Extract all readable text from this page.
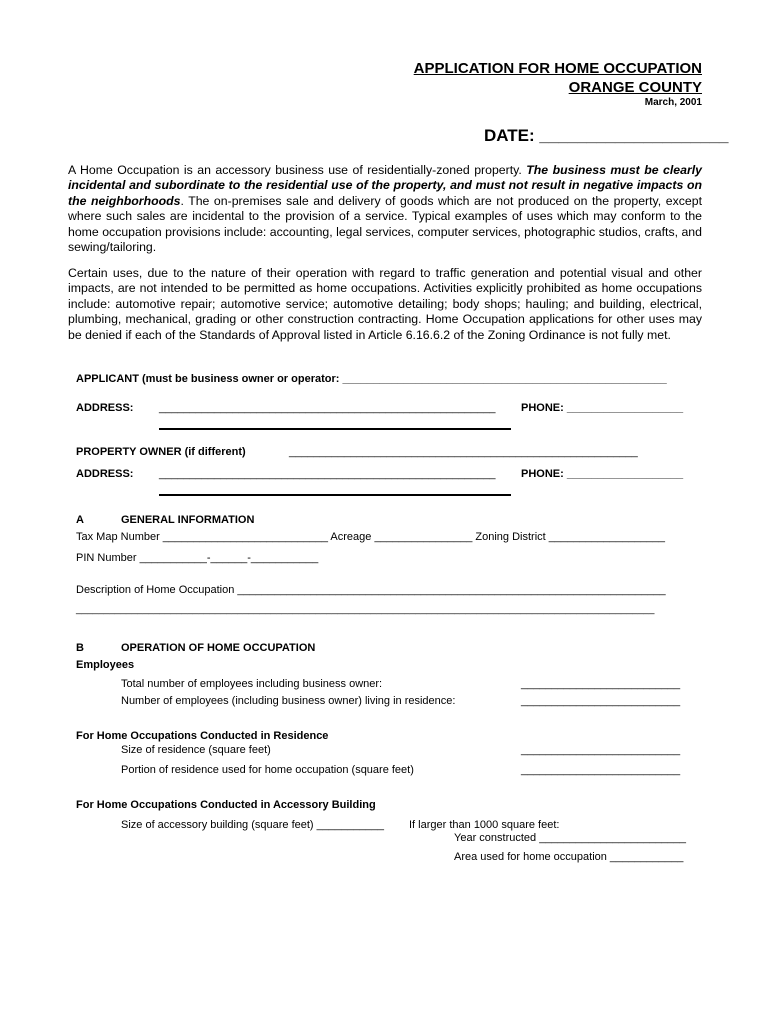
APPLICATION FOR HOME OCCUPATION
ORANGE COUNTY
March, 2001
DATE: ____________________
A Home Occupation is an accessory business use of residentially-zoned property. The business must be clearly incidental and subordinate to the residential use of the property, and must not result in negative impacts on the neighborhoods. The on-premises sale and delivery of goods which are not produced on the property, except where such sales are incidental to the provision of a service. Typical examples of uses which may conform to the home occupation provisions include: accounting, legal services, computer services, photographic studios, crafts, and sewing/tailoring.
Certain uses, due to the nature of their operation with regard to traffic generation and potential visual and other impacts, are not intended to be permitted as home occupations. Activities explicitly prohibited as home occupations include: automotive repair; automotive service; automotive detailing; body shops; hauling; and building, electrical, plumbing, mechanical, grading or other construction contracting. Home Occupation applications for other uses may be denied if each of the Standards of Approval listed in Article 6.16.6.2 of the Zoning Ordinance is not fully met.
APPLICANT (must be business owner or operator: _____________________________________________________
ADDRESS: _______________________________________________________ PHONE: ___________________
PROPERTY OWNER (if different)	_________________________________________________________
ADDRESS: _______________________________________________________ PHONE: ___________________
A	GENERAL INFORMATION
Tax Map Number ___________________________ Acreage ________________ Zoning District ___________________
PIN Number ___________-______-___________
Description of Home Occupation ______________________________________________________________________
________________________________________________________________________________________________________
B	OPERATION OF HOME OCCUPATION
Employees
Total number of employees including business owner:	__________________________
Number of employees (including business owner) living in residence:	__________________________
For Home Occupations Conducted in Residence
Size of residence (square feet)	__________________________
Portion of residence used for home occupation (square feet)	__________________________
For Home Occupations Conducted in Accessory Building
Size of accessory building (square feet) ___________ If larger than 1000 square feet:
Year constructed ________________________
Area used for home occupation ____________
